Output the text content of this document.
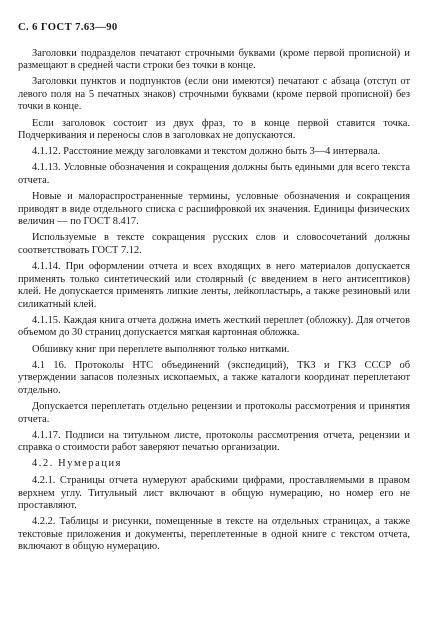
С. 6 ГОСТ 7.63—90

Заголовки подразделов печатают строчными буквами (кроме первой прописной) и размещают в средней части строки без точки в конце.

Заголовки пунктов и подпунктов (если они имеются) печатают с абзаца (отступ от левого поля на 5 печатных знаков) строчными буквами (кроме первой прописной) без точки в конце.

Если заголовок состоит из двух фраз, то в конце первой ставится точка. Подчеркивания и переносы слов в заголовках не допускаются.

4.1.12. Расстояние между заголовками и текстом должно быть 3—4 интервала.

4.1.13. Условные обозначения и сокращения должны быть едиными для всего текста отчета.

Новые и малораспространенные термины, условные обозначения и сокращения приводят в виде отдельного списка с расшифровкой их значения. Единицы физических величин — по ГОСТ 8.417.

Используемые в тексте сокращения русских слов и словосочетаний должны соответствовать ГОСТ 7.12.

4.1.14. При оформлении отчета и всех входящих в него материалов допускается применять только синтетический или столярный (с введением в него антисептиков) клей. Не допускается применять липкие ленты, лейкопластырь, а также резиновый или силикатный клей.

4.1.15. Каждая книга отчета должна иметь жесткий переплет (обложку). Для отчетов объемом до 30 страниц допускается мягкая картонная обложка.

Обшивку книг при переплете выполняют только нитками.

4.1 16. Протоколы НТС объединений (экспедиций), ТКЗ и ГКЗ СССР об утверждении запасов полезных ископаемых, а также каталоги координат переплетают отдельно.

Допускается переплетать отдельно рецензии и протоколы рассмотрения и принятия отчета.

4.1.17. Подписи на титульном листе, протоколы рассмотрения отчета, рецензии и справка о стоимости работ заверяют печатью организации.

4.2. Нумерация

4.2.1. Страницы отчета нумеруют арабскими цифрами, проставляемыми в правом верхнем углу. Титульный лист включают в общую нумерацию, но номер его не проставляют.

4.2.2. Таблицы и рисунки, помещенные в тексте на отдельных страницах, а также текстовые приложения и документы, переплетенные в одной книге с текстом отчета, включают в общую нумерацию.
